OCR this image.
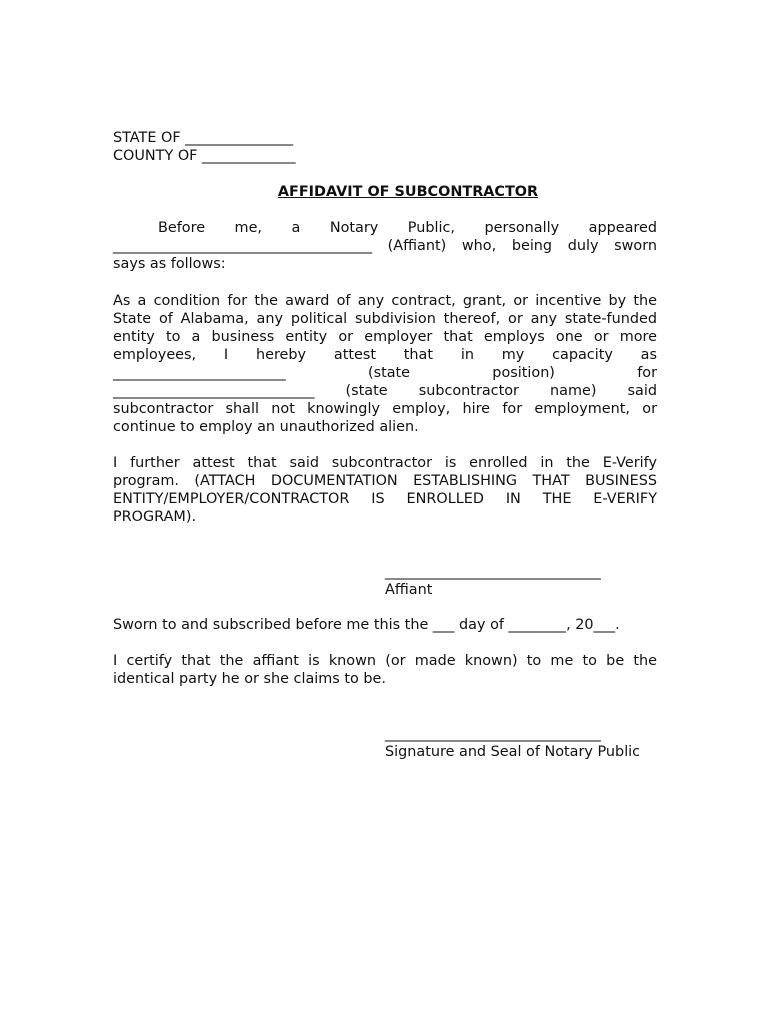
STATE OF _______________
COUNTY OF _____________
AFFIDAVIT OF SUBCONTRACTOR
Before me, a Notary Public, personally appeared
____________________________________ (Affiant) who, being duly sworn
says as follows:
As a condition for the award of any contract, grant, or incentive by the
State of Alabama, any political subdivision thereof, or any state-funded
entity to a business entity or employer that employs one or more
employees, I hereby attest that in my capacity as
________________________ (state position) for
____________________________ (state subcontractor name) said
subcontractor shall not knowingly employ, hire for employment, or
continue to employ an unauthorized alien.
I further attest that said subcontractor is enrolled in the E-Verify
program. (ATTACH DOCUMENTATION ESTABLISHING THAT BUSINESS
ENTITY/EMPLOYER/CONTRACTOR IS ENROLLED IN THE E-VERIFY
PROGRAM).
______________________________
Affiant
Sworn to and subscribed before me this the ___ day of ________, 20___.
I certify that the affiant is known (or made known) to me to be the
identical party he or she claims to be.
______________________________
Signature and Seal of Notary Public
